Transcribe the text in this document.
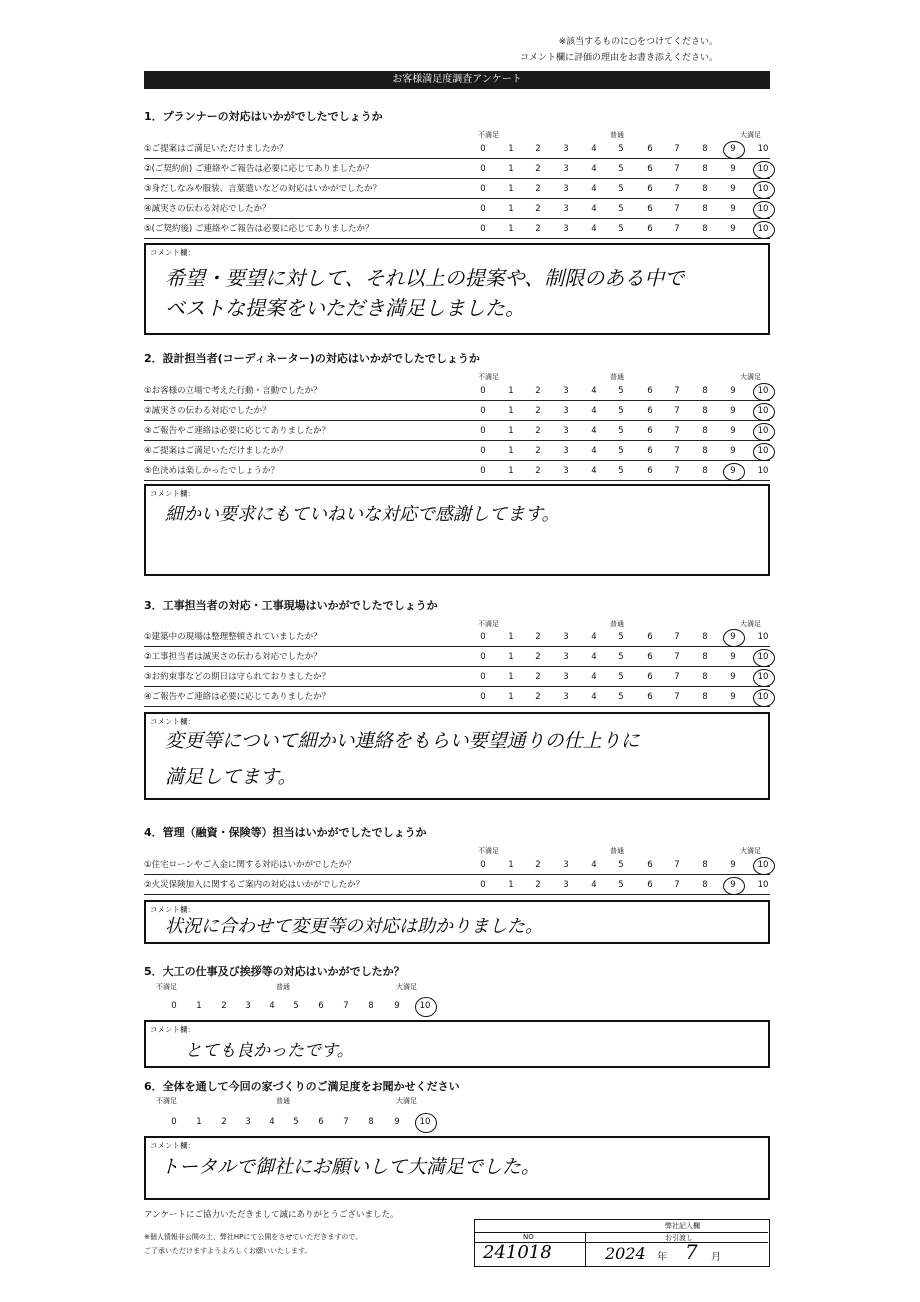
※該当するものに○をつけてください。
コメント欄に評価の理由をお書き添えください。
お客様満足度調査アンケート
1．プランナーの対応はいかがでしたでしょうか
不満足	普通	大満足
①ご提案はご満足いただけましたか？	0	1	2	3	4	5	6	7	8	9	10
②(ご契約前) ご連絡やご報告は必要に応じてありましたか？	0	1	2	3	4	5	6	7	8	9	10
③身だしなみや服装、言葉遣いなどの対応はいかがでしたか？	0	1	2	3	4	5	6	7	8	9	10
④誠実さの伝わる対応でしたか？	0	1	2	3	4	5	6	7	8	9	10
⑤(ご契約後) ご連絡やご報告は必要に応じてありましたか？	0	1	2	3	4	5	6	7	8	9	10
コメント欄：
希望・要望に対して、それ以上の提案や、制限のある中で
ベストな提案をいただき満足しました。
2．設計担当者(コーディネーター)の対応はいかがでしたでしょうか
不満足	普通	大満足
①お客様の立場で考えた行動・言動でしたか？	0	1	2	3	4	5	6	7	8	9	10
②誠実さの伝わる対応でしたか？	0	1	2	3	4	5	6	7	8	9	10
③ご報告やご連絡は必要に応じてありましたか？	0	1	2	3	4	5	6	7	8	9	10
④ご提案はご満足いただけましたか？	0	1	2	3	4	5	6	7	8	9	10
⑤色決めは楽しかったでしょうか？	0	1	2	3	4	5	6	7	8	9	10
コメント欄：
細かい要求にもていねいな対応で感謝してます。
3．工事担当者の対応・工事現場はいかがでしたでしょうか
不満足	普通	大満足
①建築中の現場は整理整頓されていましたか？	0	1	2	3	4	5	6	7	8	9	10
②工事担当者は誠実さの伝わる対応でしたか？	0	1	2	3	4	5	6	7	8	9	10
③お約束事などの期日は守られておりましたか？	0	1	2	3	4	5	6	7	8	9	10
④ご報告やご連絡は必要に応じてありましたか？	0	1	2	3	4	5	6	7	8	9	10
コメント欄：
変更等について細かい連絡をもらい要望通りの仕上りに
満足してます。
4．管理（融資・保険等）担当はいかがでしたでしょうか
不満足	普通	大満足
①住宅ローンやご入金に関する対応はいかがでしたか？	0	1	2	3	4	5	6	7	8	9	10
②火災保険加入に関するご案内の対応はいかがでしたか？	0	1	2	3	4	5	6	7	8	9	10
コメント欄：
状況に合わせて変更等の対応は助かりました。
5．大工の仕事及び挨拶等の対応はいかがでしたか？
不満足	普通	大満足
0	1	2	3	4	5	6	7	8	9	10
コメント欄：
とても良かったです。
6．全体を通して今回の家づくりのご満足度をお聞かせください
不満足	普通	大満足
0	1	2	3	4	5	6	7	8	9	10
コメント欄：
トータルで御社にお願いして大満足でした。
アンケートにご協力いただきまして誠にありがとうございました。
※個人情報非公開の上、弊社HPにて公開をさせていただきますので、
ご了承いただけますようよろしくお願いいたします。
弊社記入欄
NO	お引渡し
241018	2024 年 7 月
